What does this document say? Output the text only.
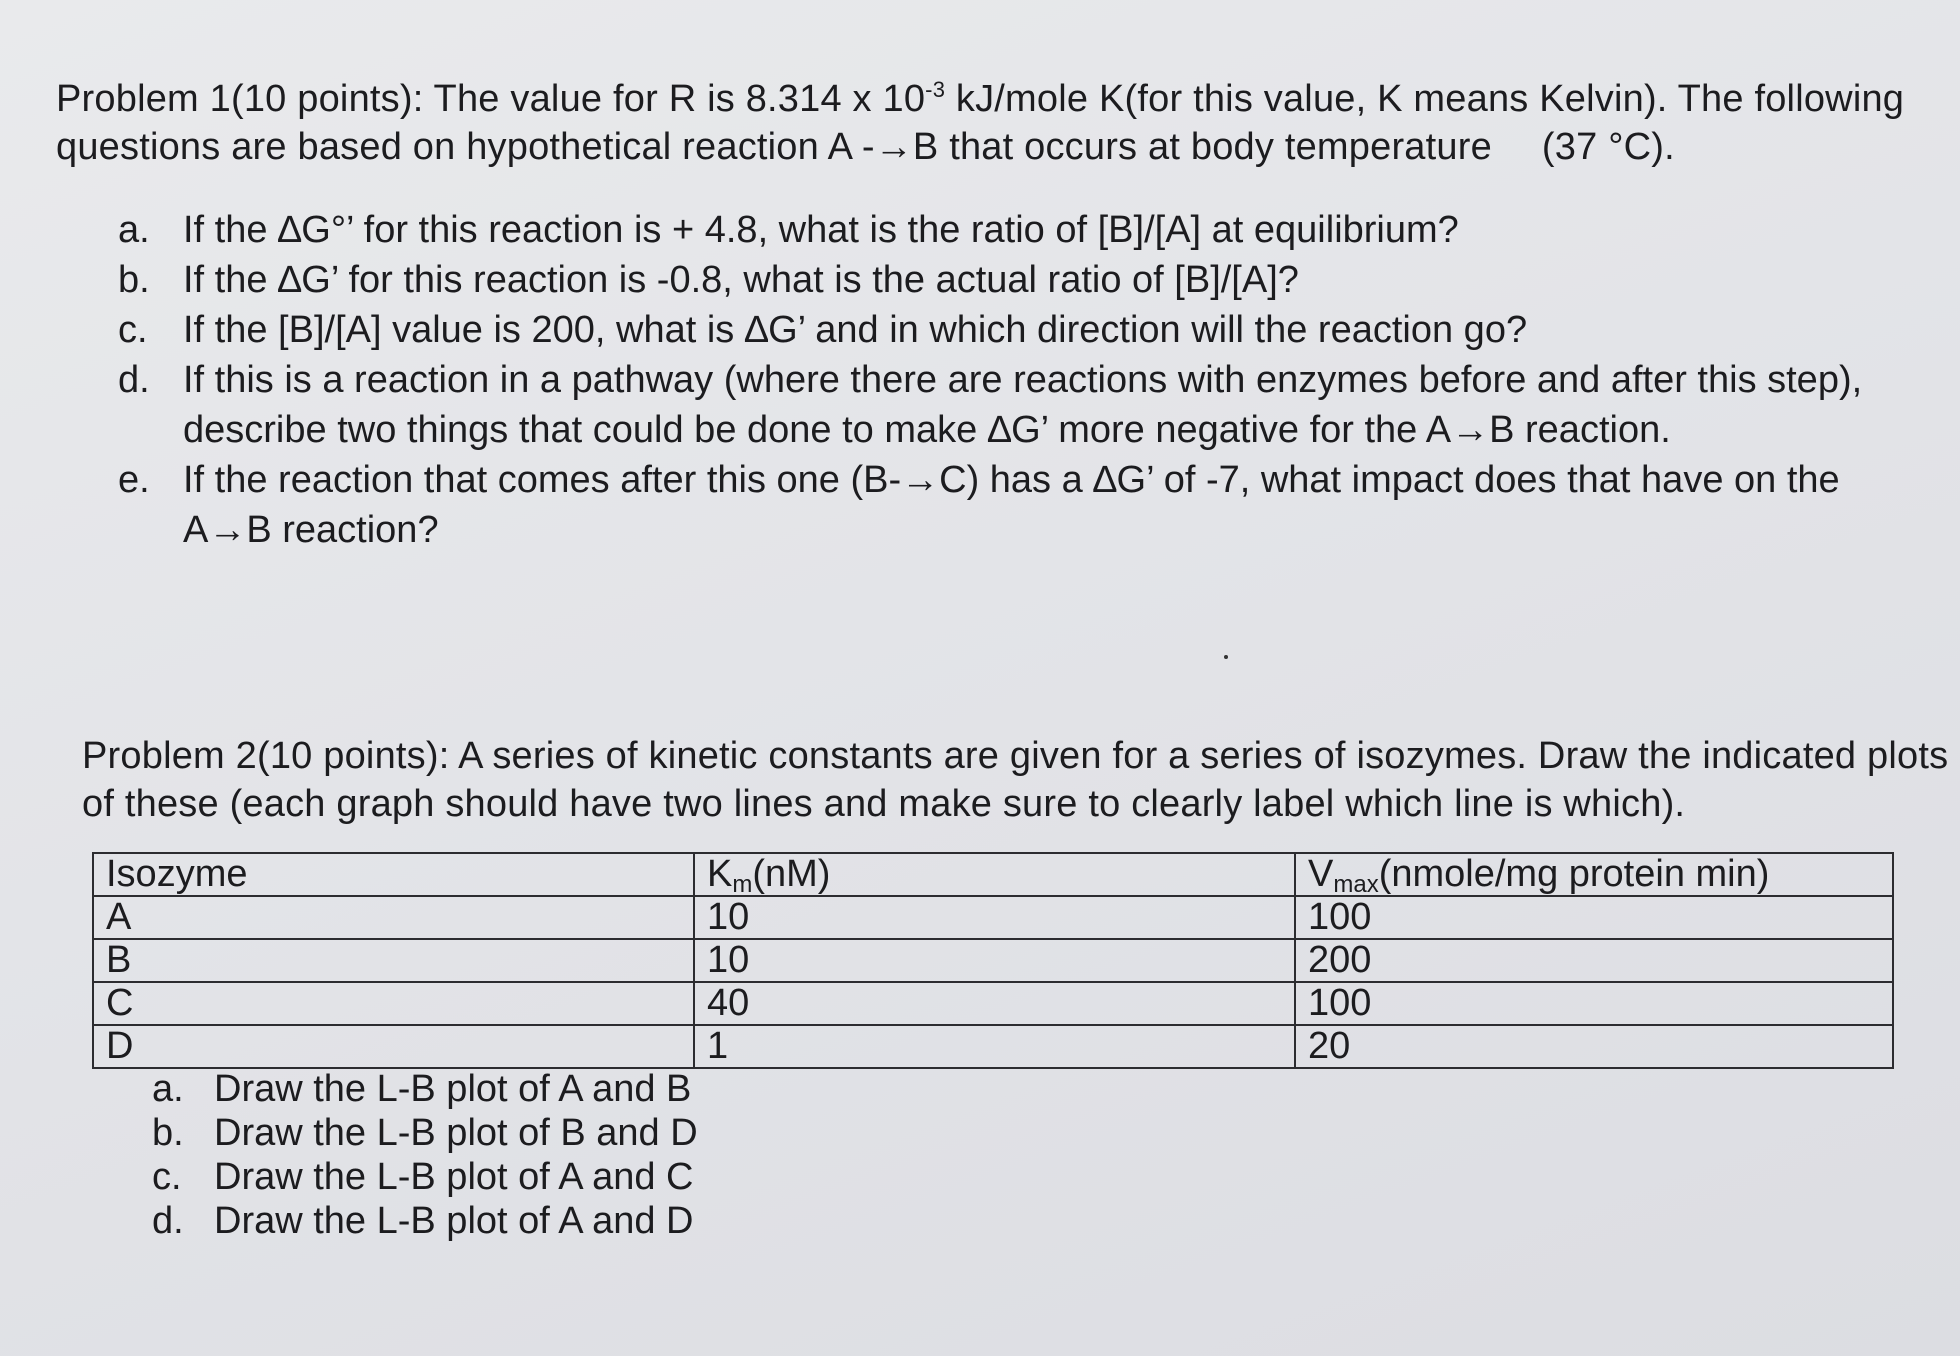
Problem 1(10 points): The value for R is 8.314 x $10^{-3}$ kJ/mole K(for this value, K means Kelvin). The following
questions are based on hypothetical reaction A -→B that occurs at body temperature (37 °C).
a. If the ∆G°’ for this reaction is + 4.8, what is the ratio of [B]/[A] at equilibrium?
b. If the ∆G’ for this reaction is -0.8, what is the actual ratio of [B]/[A]?
c. If the [B]/[A] value is 200, what is ∆G’ and in which direction will the reaction go?
d. If this is a reaction in a pathway (where there are reactions with enzymes before and after this step),
describe two things that could be done to make ∆G’ more negative for the A→B reaction.
e. If the reaction that comes after this one (B-→C) has a ∆G’ of -7, what impact does that have on the
A→B reaction?
Problem 2(10 points): A series of kinetic constants are given for a series of isozymes. Draw the indicated plots
of these (each graph should have two lines and make sure to clearly label which line is which).
Isozyme	$K_m(nM)$	$V_{max}(nmole/mg$ protein min)
A	10	100
B	10	200
C	40	100
D	1	20
a. Draw the L-B plot of A and B
b. Draw the L-B plot of B and D
c. Draw the L-B plot of A and C
d. Draw the L-B plot of A and D
